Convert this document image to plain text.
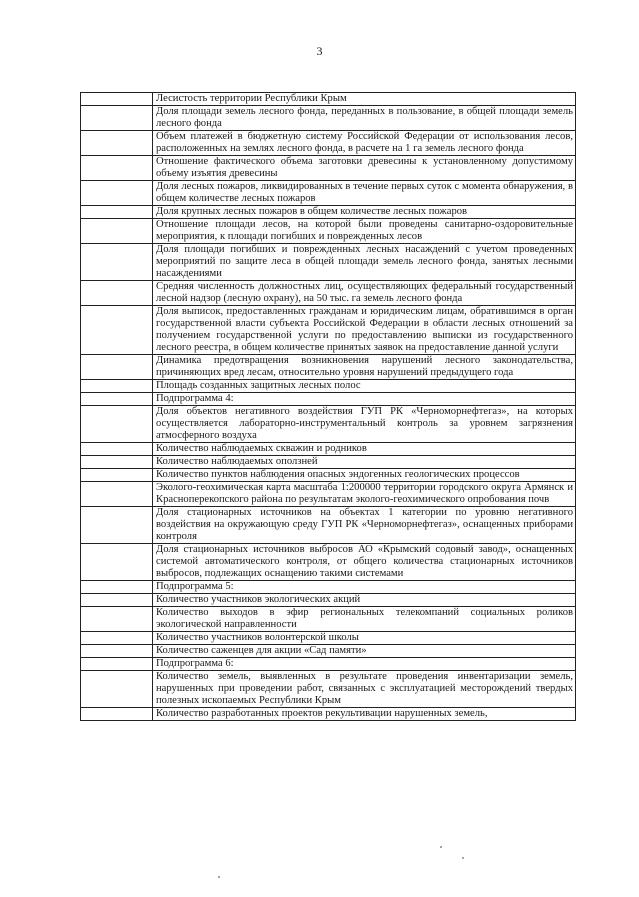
3
	Лесистость территории Республики Крым
	Доля площади земель лесного фонда, переданных в пользование, в общей площади земель лесного фонда
	Объем платежей в бюджетную систему Российской Федерации от использования лесов, расположенных на землях лесного фонда, в расчете на 1 га земель лесного фонда
	Отношение фактического объема заготовки древесины к установленному допустимому объему изъятия древесины
	Доля лесных пожаров, ликвидированных в течение первых суток с момента обнаружения, в общем количестве лесных пожаров
	Доля крупных лесных пожаров в общем количестве лесных пожаров
	Отношение площади лесов, на которой были проведены санитарно-оздоровительные мероприятия, к площади погибших и поврежденных лесов
	Доля площади погибших и поврежденных лесных насаждений с учетом проведенных мероприятий по защите леса в общей площади земель лесного фонда, занятых лесными насаждениями
	Средняя численность должностных лиц, осуществляющих федеральный государственный лесной надзор (лесную охрану), на 50 тыс. га земель лесного фонда
	Доля выписок, предоставленных гражданам и юридическим лицам, обратившимся в орган государственной власти субъекта Российской Федерации в области лесных отношений за получением государственной услуги по предоставлению выписки из государственного лесного реестра, в общем количестве принятых заявок на предоставление данной услуги
	Динамика предотвращения возникновения нарушений лесного законодательства, причиняющих вред лесам, относительно уровня нарушений предыдущего года
	Площадь созданных защитных лесных полос
	Подпрограмма 4:
	Доля объектов негативного воздействия ГУП РК «Черноморнефтегаз», на которых осуществляется лабораторно-инструментальный контроль за уровнем загрязнения атмосферного воздуха
	Количество наблюдаемых скважин и родников
	Количество наблюдаемых оползней
	Количество пунктов наблюдения опасных эндогенных геологических процессов
	Эколого-геохимическая карта масштаба 1:200000 территории городского округа Армянск и Красноперекопского района по результатам эколого-геохимического опробования почв
	Доля стационарных источников на объектах 1 категории по уровню негативного воздействия на окружающую среду ГУП РК «Черноморнефтегаз», оснащенных приборами контроля
	Доля стационарных источников выбросов АО «Крымский содовый завод», оснащенных системой автоматического контроля, от общего количества стационарных источников выбросов, подлежащих оснащению такими системами
	Подпрограмма 5:
	Количество участников экологических акций
	Количество выходов в эфир региональных телекомпаний социальных роликов экологической направленности
	Количество участников волонтерской школы
	Количество саженцев для акции «Сад памяти»
	Подпрограмма 6:
	Количество земель, выявленных в результате проведения инвентаризации земель, нарушенных при проведении работ, связанных с эксплуатацией месторождений твердых полезных ископаемых Республики Крым
	Количество разработанных проектов рекультивации нарушенных земель,
